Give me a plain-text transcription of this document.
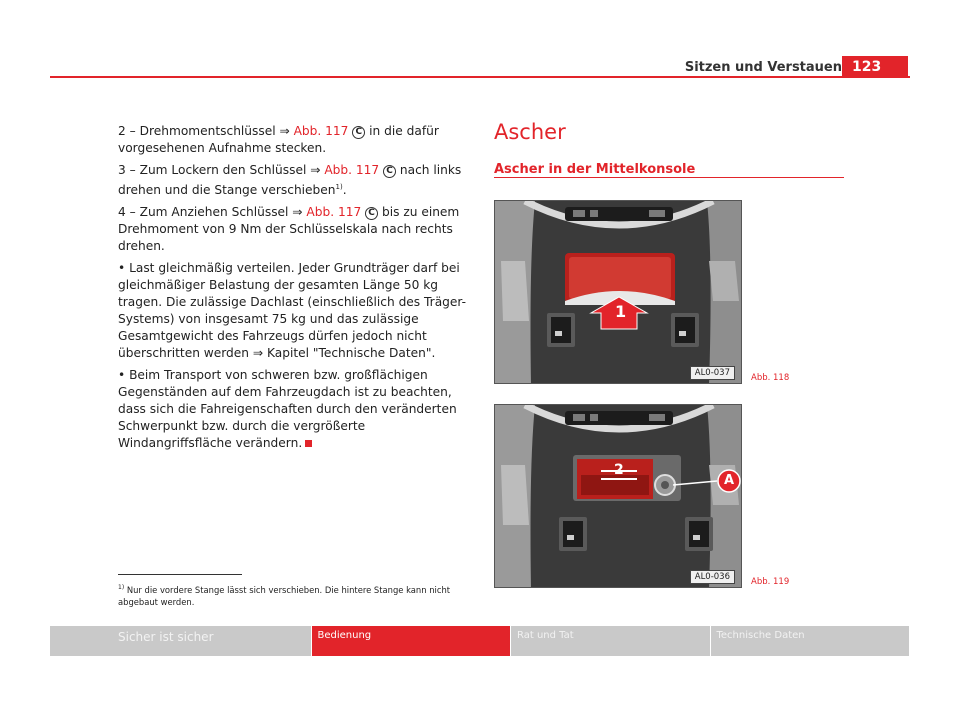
Sitzen und Verstauen 123

2 – Drehmomentschlüssel ⇒ Abb. 117 C in die dafür vorgesehenen Aufnahme stecken.

3 – Zum Lockern den Schlüssel ⇒ Abb. 117 C nach links drehen und die Stange verschieben$^{1)}$.

4 – Zum Anziehen Schlüssel ⇒ Abb. 117 C bis zu einem Drehmoment von 9 Nm der Schlüsselskala nach rechts drehen.

• Last gleichmäßig verteilen. Jeder Grundträger darf bei gleichmäßiger Belastung der gesamten Länge 50 kg tragen. Die zulässige Dachlast (einschließlich des Träger-Systems) von insgesamt 75 kg und das zulässige Gesamtgewicht des Fahrzeugs dürfen jedoch nicht überschritten werden ⇒ Kapitel "Technische Daten".

• Beim Transport von schweren bzw. großflächigen Gegenständen auf dem Fahrzeugdach ist zu beachten, dass sich die Fahreigenschaften durch den veränderten Schwerpunkt bzw. durch die vergrößerte Windangriffsfläche verändern.

$^{1)}$ Nur die vordere Stange lässt sich verschieben. Die hintere Stange kann nicht abgebaut werden.
Ascher
Ascher in der Mittelkonsole
1
AL0-037	Abb. 118
2
A
AL0-036	Abb. 119
Sicher ist sicher	Bedienung	Rat und Tat	Technische Daten
